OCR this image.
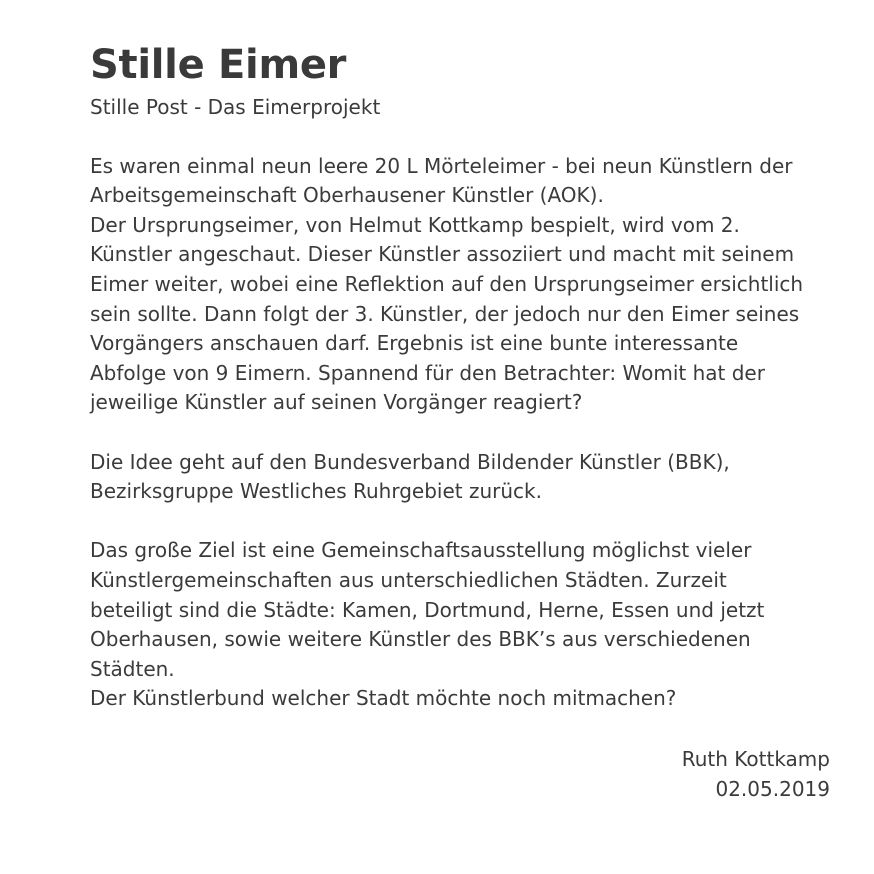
Stille Eimer

Stille Post - Das Eimerprojekt

Es waren einmal neun leere 20 L Mörteleimer - bei neun Künstlern der
Arbeitsgemeinschaft Oberhausener Künstler (AOK).
Der Ursprungseimer, von Helmut Kottkamp bespielt, wird vom 2.
Künstler angeschaut. Dieser Künstler assoziiert und macht mit seinem
Eimer weiter, wobei eine Reflektion auf den Ursprungseimer ersichtlich
sein sollte. Dann folgt der 3. Künstler, der jedoch nur den Eimer seines
Vorgängers anschauen darf. Ergebnis ist eine bunte interessante
Abfolge von 9 Eimern. Spannend für den Betrachter: Womit hat der
jeweilige Künstler auf seinen Vorgänger reagiert?

Die Idee geht auf den Bundesverband Bildender Künstler (BBK),
Bezirksgruppe Westliches Ruhrgebiet zurück.

Das große Ziel ist eine Gemeinschaftsausstellung möglichst vieler
Künstlergemeinschaften aus unterschiedlichen Städten. Zurzeit
beteiligt sind die Städte: Kamen, Dortmund, Herne, Essen und jetzt
Oberhausen, sowie weitere Künstler des BBK’s aus verschiedenen
Städten.
Der Künstlerbund welcher Stadt möchte noch mitmachen?

Ruth Kottkamp
02.05.2019
